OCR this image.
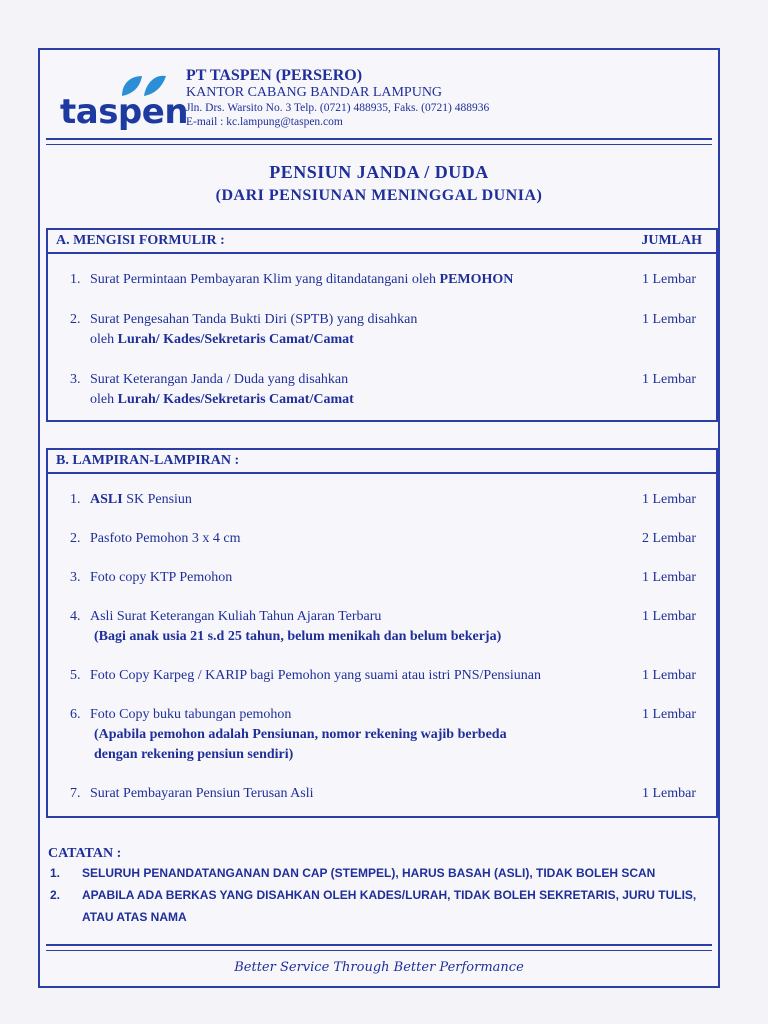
taspen
PT TASPEN (PERSERO)
KANTOR CABANG BANDAR LAMPUNG
Jln. Drs. Warsito No. 3 Telp. (0721) 488935, Faks. (0721) 488936
E-mail : kc.lampung@taspen.com
PENSIUN JANDA / DUDA
(DARI PENSIUNAN MENINGGAL DUNIA)
A. MENGISI FORMULIR :	JUMLAH
1. Surat Permintaan Pembayaran Klim yang ditandatangani oleh PEMOHON	1 Lembar
2. Surat Pengesahan Tanda Bukti Diri (SPTB) yang disahkan
oleh Lurah/ Kades/Sekretaris Camat/Camat
1 Lembar
3. Surat Keterangan Janda / Duda yang disahkan
oleh Lurah/ Kades/Sekretaris Camat/Camat
1 Lembar
B. LAMPIRAN-LAMPIRAN :
1. ASLI SK Pensiun	1 Lembar
2. Pasfoto Pemohon 3 x 4 cm	2 Lembar
3. Foto copy KTP Pemohon	1 Lembar
4. Asli Surat Keterangan Kuliah Tahun Ajaran Terbaru
(Bagi anak usia 21 s.d 25 tahun, belum menikah dan belum bekerja)
1 Lembar
5. Foto Copy Karpeg / KARIP bagi Pemohon yang suami atau istri PNS/Pensiunan	1 Lembar
6. Foto Copy buku tabungan pemohon
(Apabila pemohon adalah Pensiunan, nomor rekening wajib berbeda
dengan rekening pensiun sendiri)
1 Lembar
7. Surat Pembayaran Pensiun Terusan Asli	1 Lembar
CATATAN :
1. SELURUH PENANDATANGANAN DAN CAP (STEMPEL), HARUS BASAH (ASLI), TIDAK BOLEH SCAN
2. APABILA ADA BERKAS YANG DISAHKAN OLEH KADES/LURAH, TIDAK BOLEH SEKRETARIS, JURU TULIS,
ATAU ATAS NAMA
Better Service Through Better Performance
